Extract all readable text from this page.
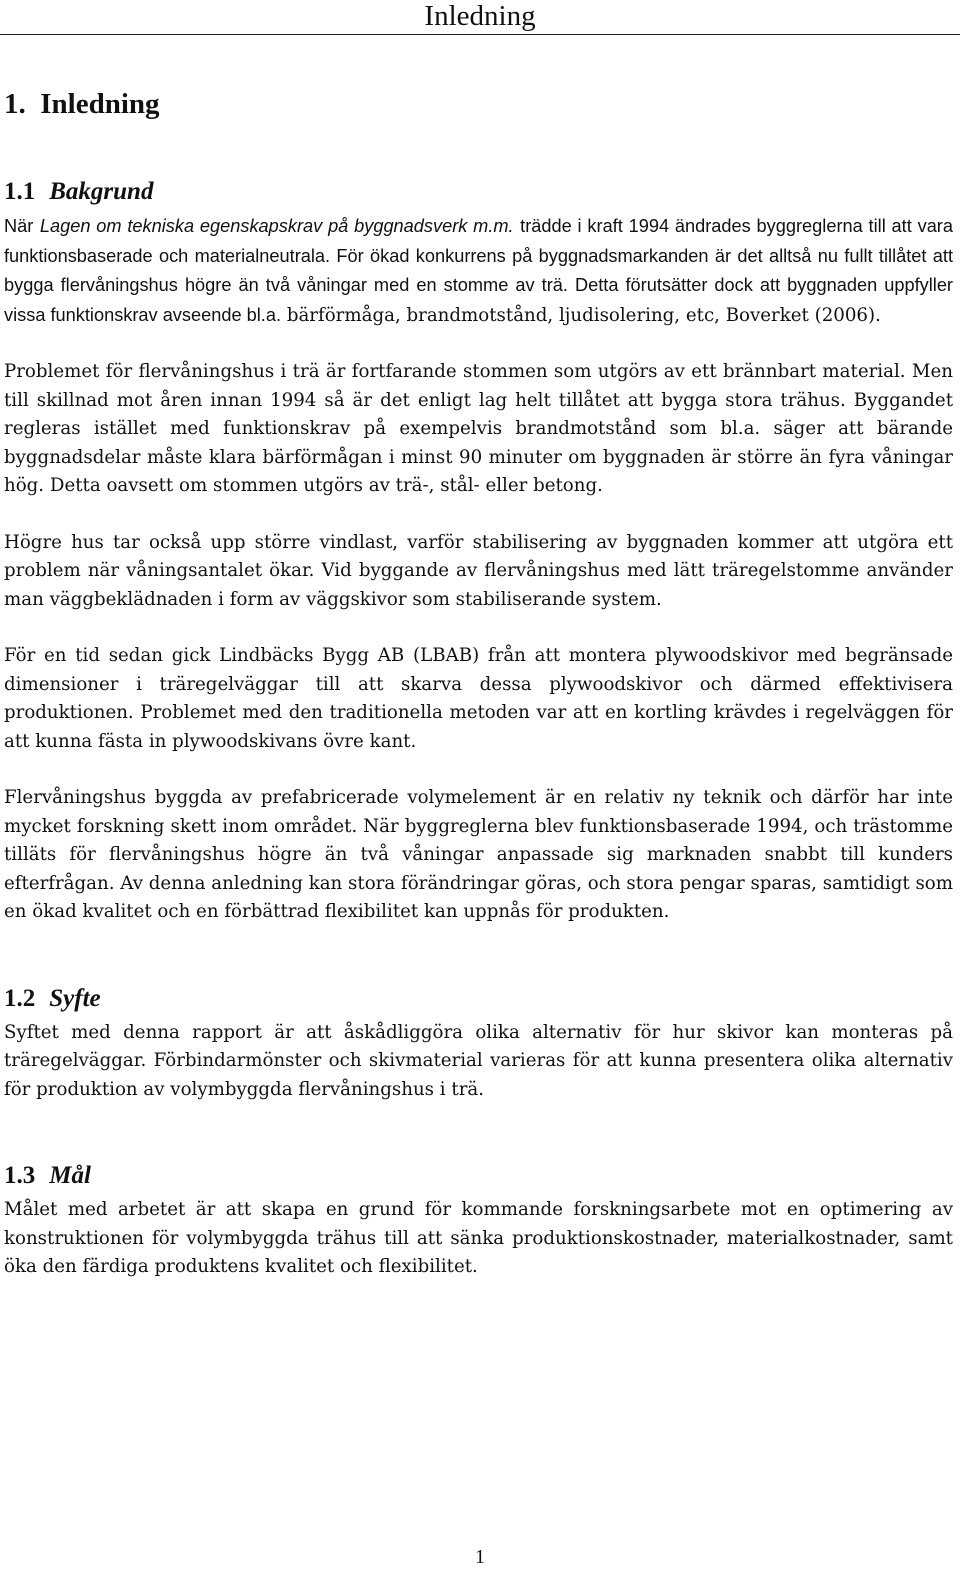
Inledning
1. Inledning
1.1 Bakgrund

När Lagen om tekniska egenskapskrav på byggnadsverk m.m. trädde i kraft 1994 ändrades byggreglerna till att vara funktionsbaserade och materialneutrala. För ökad konkurrens på byggnadsmarkanden är det alltså nu fullt tillåtet att bygga flervåningshus högre än två våningar med en stomme av trä. Detta förutsätter dock att byggnaden uppfyller vissa funktionskrav avseende bl.a. bärförmåga, brandmotstånd, ljudisolering, etc, Boverket (2006).

Problemet för flervåningshus i trä är fortfarande stommen som utgörs av ett brännbart material. Men till skillnad mot åren innan 1994 så är det enligt lag helt tillåtet att bygga stora trähus. Byggandet regleras istället med funktionskrav på exempelvis brandmotstånd som bl.a. säger att bärande byggnadsdelar måste klara bärförmågan i minst 90 minuter om byggnaden är större än fyra våningar hög. Detta oavsett om stommen utgörs av trä-, stål- eller betong.

Högre hus tar också upp större vindlast, varför stabilisering av byggnaden kommer att utgöra ett problem när våningsantalet ökar. Vid byggande av flervåningshus med lätt träregelstomme använder man väggbeklädnaden i form av väggskivor som stabiliserande system.

För en tid sedan gick Lindbäcks Bygg AB (LBAB) från att montera plywoodskivor med begränsade dimensioner i träregelväggar till att skarva dessa plywoodskivor och därmed effektivisera produktionen. Problemet med den traditionella metoden var att en kortling krävdes i regelväggen för att kunna fästa in plywoodskivans övre kant.

Flervåningshus byggda av prefabricerade volymelement är en relativ ny teknik och därför har inte mycket forskning skett inom området. När byggreglerna blev funktionsbaserade 1994, och trästomme tilläts för flervåningshus högre än två våningar anpassade sig marknaden snabbt till kunders efterfrågan. Av denna anledning kan stora förändringar göras, och stora pengar sparas, samtidigt som en ökad kvalitet och en förbättrad flexibilitet kan uppnås för produkten.

1.2 Syfte

Syftet med denna rapport är att åskådliggöra olika alternativ för hur skivor kan monteras på träregelväggar. Förbindarmönster och skivmaterial varieras för att kunna presentera olika alternativ för produktion av volymbyggda flervåningshus i trä.

1.3 Mål

Målet med arbetet är att skapa en grund för kommande forskningsarbete mot en optimering av konstruktionen för volymbyggda trähus till att sänka produktionskostnader, materialkostnader, samt öka den färdiga produktens kvalitet och flexibilitet.

1
